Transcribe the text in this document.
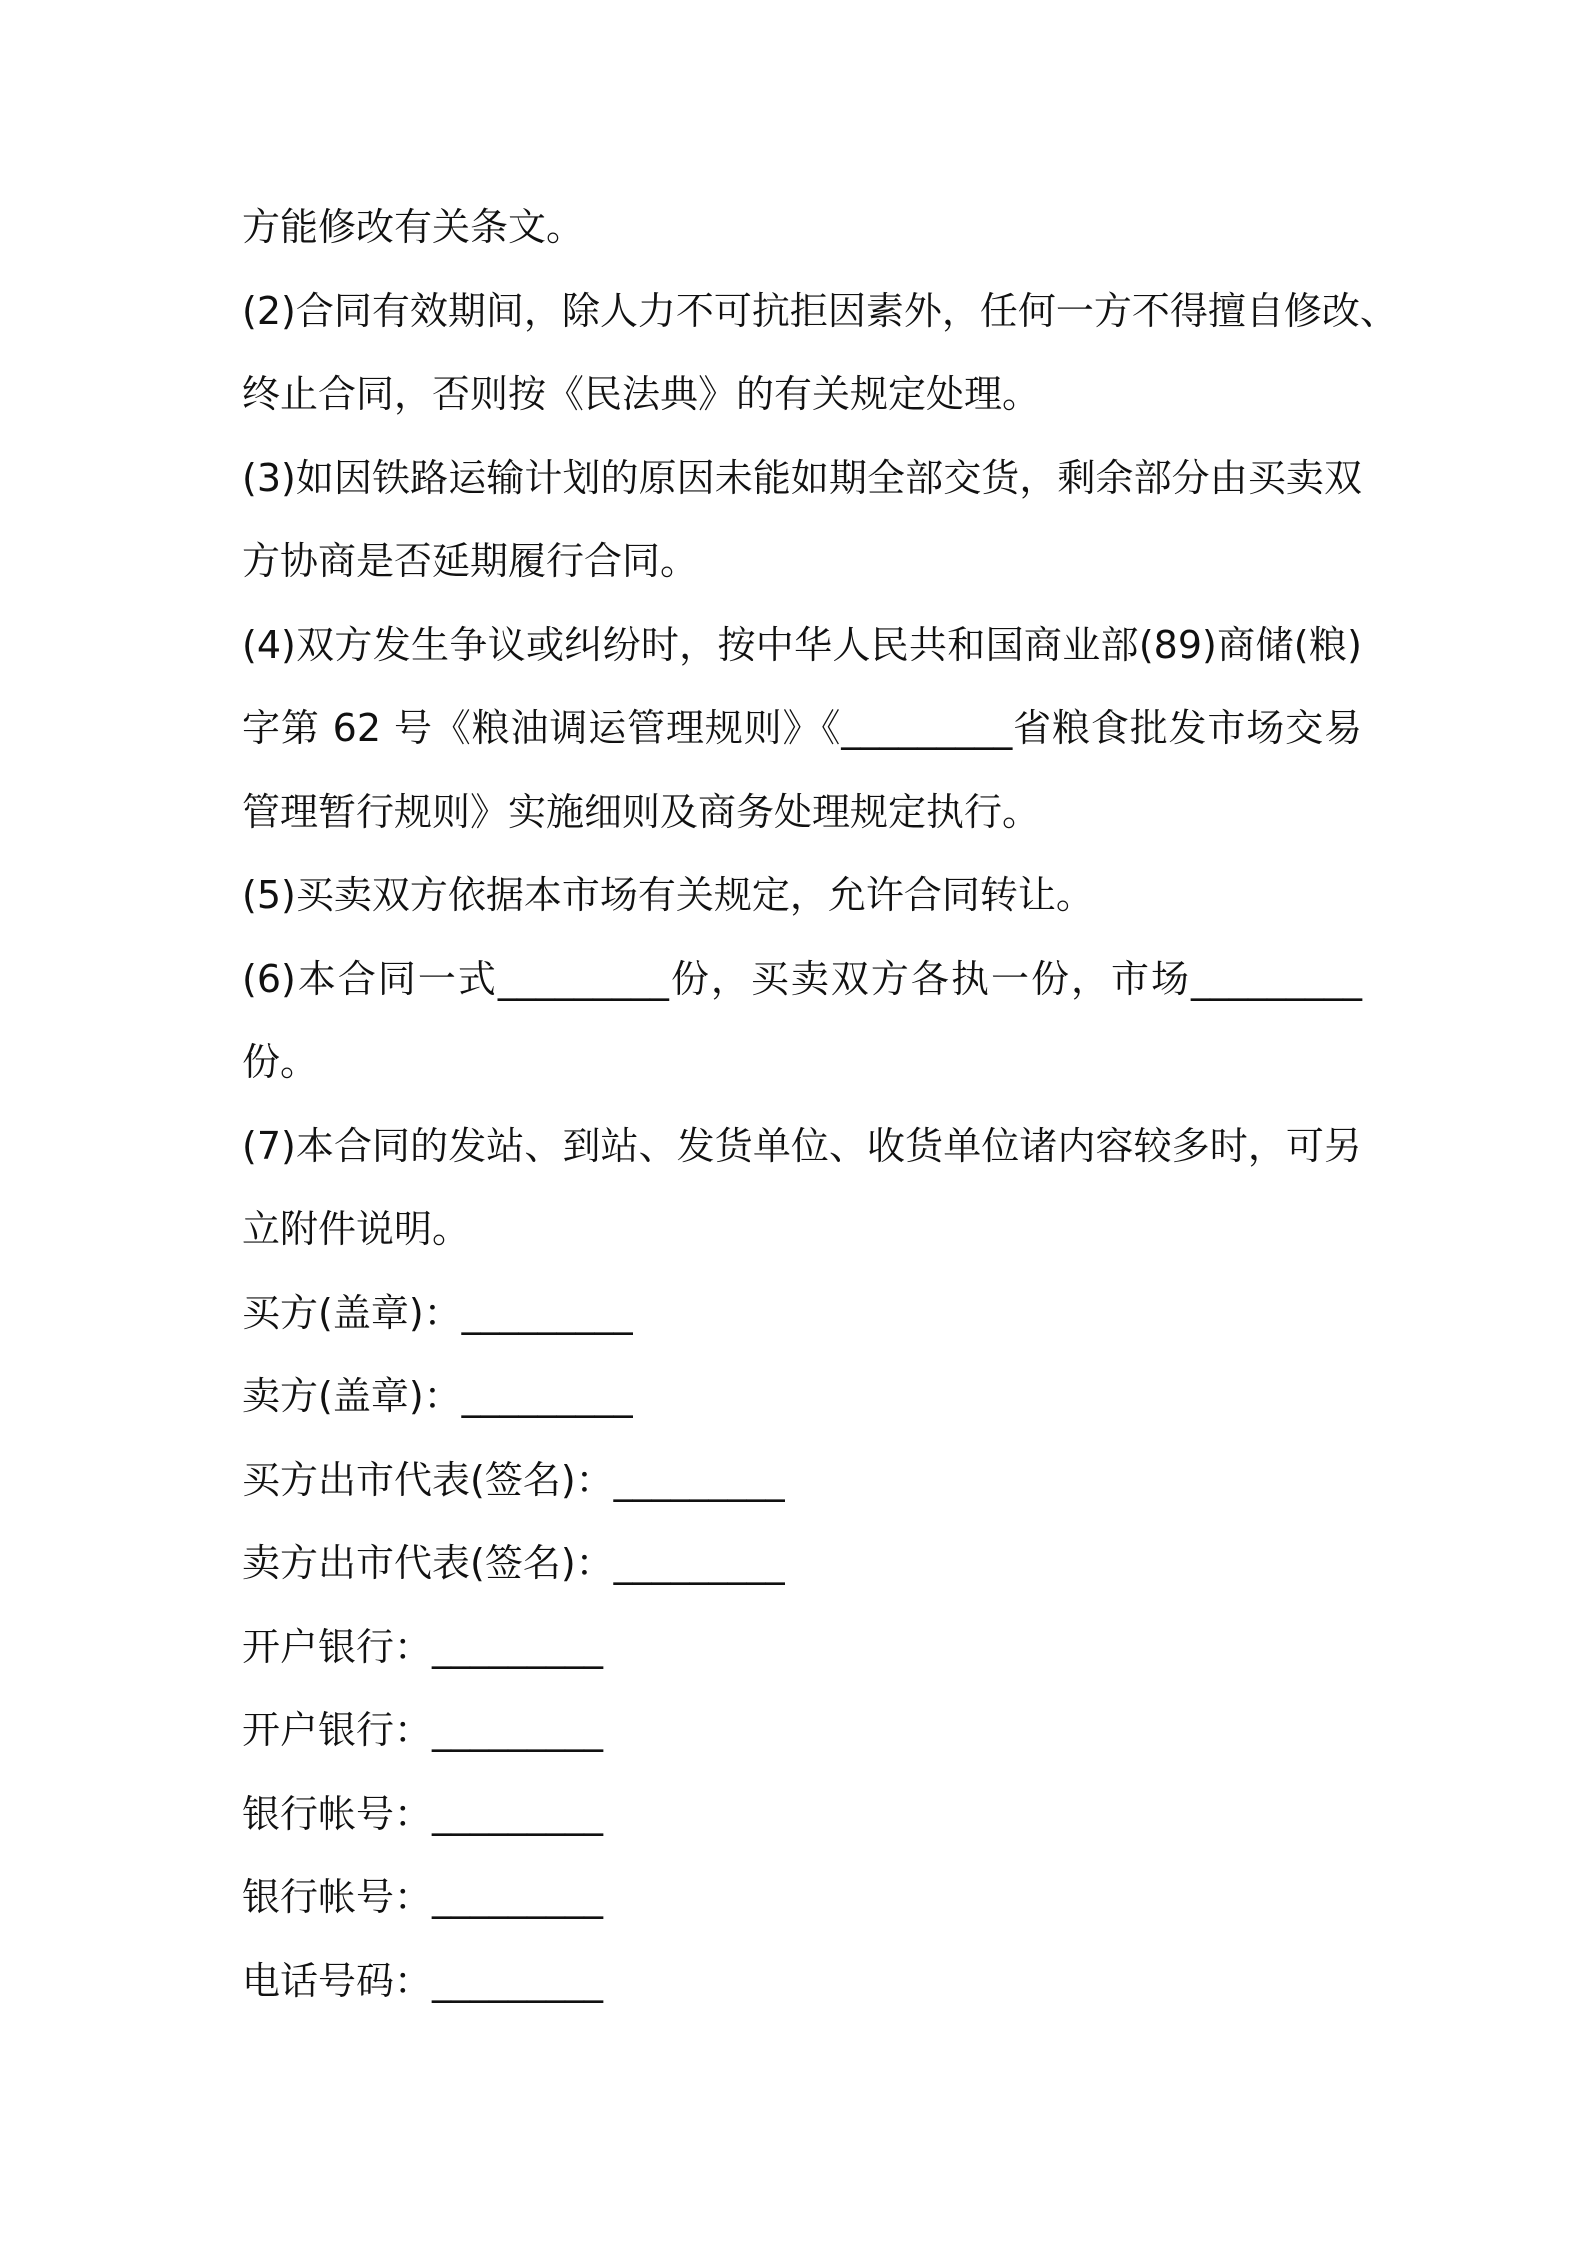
方能修改有关条文。
(2)合同有效期间，除人力不可抗拒因素外，任何一方不得擅自修改、
终止合同，否则按《民法典》的有关规定处理。
(3)如因铁路运输计划的原因未能如期全部交货，剩余部分由买卖双
方协商是否延期履行合同。
(4)双方发生争议或纠纷时，按中华人民共和国商业部(89)商储(粮)
字第 62 号《粮油调运管理规则》《_________省粮食批发市场交易
管理暂行规则》实施细则及商务处理规定执行。
(5)买卖双方依据本市场有关规定，允许合同转让。
(6)本合同一式_________份，买卖双方各执一份，市场_________
份。
(7)本合同的发站、到站、发货单位、收货单位诸内容较多时，可另
立附件说明。
买方(盖章)：_________
卖方(盖章)：_________
买方出市代表(签名)：_________
卖方出市代表(签名)：_________
开户银行：_________
开户银行：_________
银行帐号：_________
银行帐号：_________
电话号码：_________
